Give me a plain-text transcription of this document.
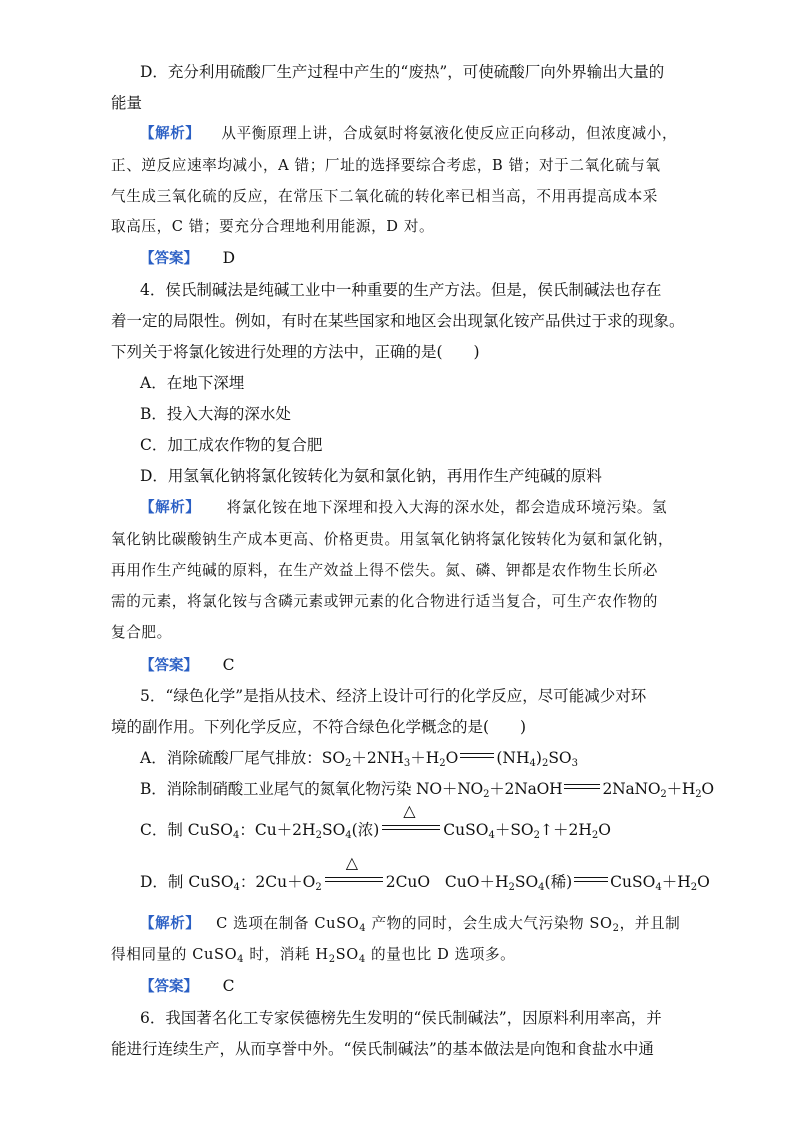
D．充分利用硫酸厂生产过程中产生的“废热”，可使硫酸厂向外界输出大量的
能量
【解析】 从平衡原理上讲，合成氨时将氨液化使反应正向移动，但浓度减小，
正、逆反应速率均减小，A 错；厂址的选择要综合考虑，B 错；对于二氧化硫与氧
气生成三氧化硫的反应，在常压下二氧化硫的转化率已相当高，不用再提高成本采
取高压，C 错；要充分合理地利用能源，D 对。
【答案】 D
4．侯氏制碱法是纯碱工业中一种重要的生产方法。但是，侯氏制碱法也存在
着一定的局限性。例如，有时在某些国家和地区会出现氯化铵产品供过于求的现象。
下列关于将氯化铵进行处理的方法中，正确的是(　　)
A．在地下深埋
B．投入大海的深水处
C．加工成农作物的复合肥
D．用氢氧化钠将氯化铵转化为氨和氯化钠，再用作生产纯碱的原料
【解析】 将氯化铵在地下深埋和投入大海的深水处，都会造成环境污染。氢
氧化钠比碳酸钠生产成本更高、价格更贵。用氢氧化钠将氯化铵转化为氨和氯化钠，
再用作生产纯碱的原料，在生产效益上得不偿失。氮、磷、钾都是农作物生长所必
需的元素，将氯化铵与含磷元素或钾元素的化合物进行适当复合，可生产农作物的
复合肥。
【答案】 C
5．“绿色化学”是指从技术、经济上设计可行的化学反应，尽可能减少对环
境的副作用。下列化学反应，不符合绿色化学概念的是(　　)
A．消除硫酸厂尾气排放：$SO_2+2NH_3+H_2O$ $(NH_4)_2SO_3$
B．消除制硝酸工业尾气的氮氧化物污染 $NO+NO_2+2NaOH$	$2NaNO_2+H_2O$
C．制 CuSO$_4$：$Cu+2H_2SO_4$(浓)
△
$CuSO_4+SO_2↑+2H_2O$
D．制 CuSO$_4$：$2Cu+O_2$
△
2CuO   $CuO+H_2SO_4$(稀) $CuSO_4+H_2O$
【解析】   C 选项在制备 CuSO$_4$ 产物的同时，会生成大气污染物 $SO_2$，并且制
得相同量的 CuSO$_4$ 时，消耗 $H_2SO_4$ 的量也比 D 选项多。
【答案】 C
6．我国著名化工专家侯德榜先生发明的“侯氏制碱法”，因原料利用率高，并
能进行连续生产，从而享誉中外。“侯氏制碱法”的基本做法是向饱和食盐水中通
